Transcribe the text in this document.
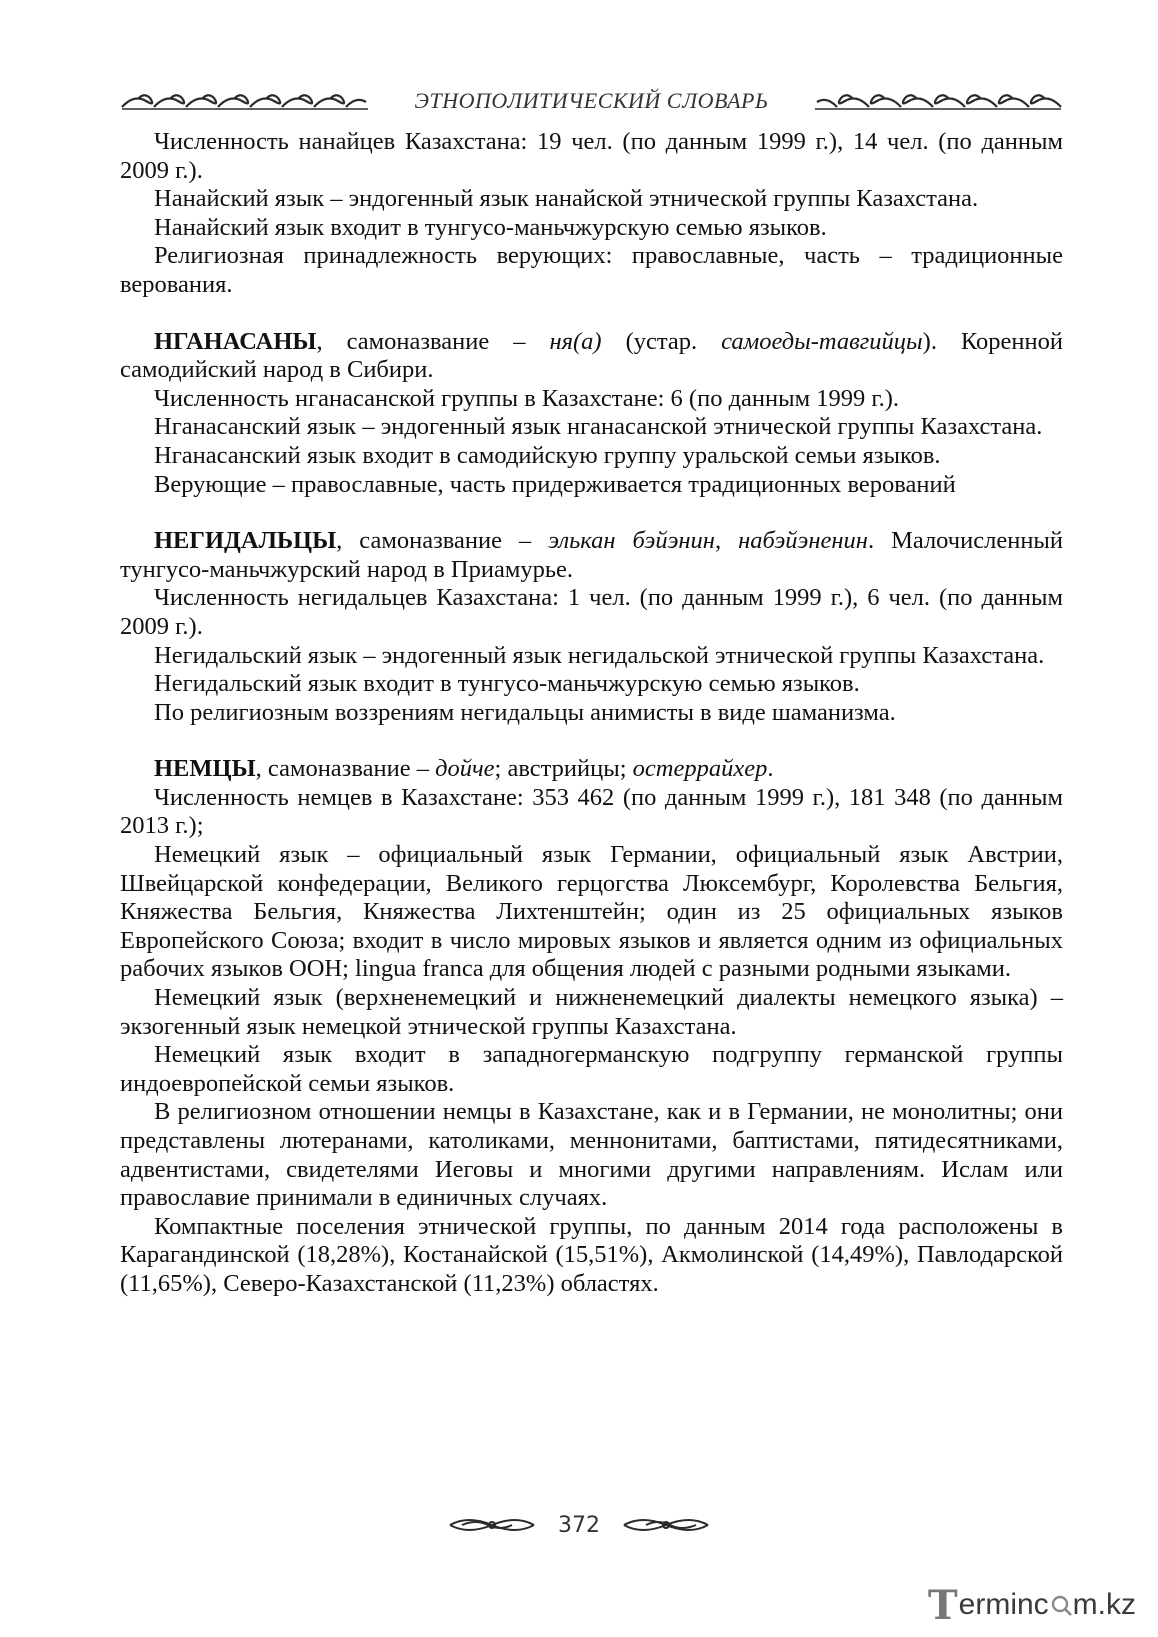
ЭТНОПОЛИТИЧЕСКИЙ СЛОВАРЬ

Численность нанайцев Казахстана: 19 чел. (по данным 1999 г.), 14 чел. (по данным 2009 г.).

Нанайский язык – эндогенный язык нанайской этнической группы Казахстана.

Нанайский язык входит в тунгусо-маньчжурскую семью языков.

Религиозная принадлежность верующих: православные, часть – традиционные верования.

НГАНАСАНЫ, самоназвание – ня(а) (устар. самоеды-тавгийцы). Коренной самодийский народ в Сибири.

Численность нганасанской группы в Казахстане: 6 (по данным 1999 г.).

Нганасанский язык – эндогенный язык нганасанской этнической группы Казахстана.

Нганасанский язык входит в самодийскую группу уральской семьи языков.

Верующие – православные, часть придерживается традиционных верований

НЕГИДАЛЬЦЫ, самоназвание – элькан бэйэнин, набэйэненин. Малочисленный тунгусо-маньчжурский народ в Приамурье.

Численность негидальцев Казахстана: 1 чел. (по данным 1999 г.), 6 чел. (по данным 2009 г.).

Негидальский язык – эндогенный язык негидальской этнической группы Казахстана.

Негидальский язык входит в тунгусо-маньчжурскую семью языков.

По религиозным воззрениям негидальцы анимисты в виде шаманизма.

НЕМЦЫ, самоназвание – дойче; австрийцы; остеррайхер.

Численность немцев в Казахстане: 353 462 (по данным 1999 г.), 181 348 (по данным 2013 г.);

Немецкий язык – официальный язык Германии, официальный язык Австрии, Швейцарской конфедерации, Великого герцогства Люксембург, Королевства Бельгия, Княжества Бельгия, Княжества Лихтенштейн; один из 25 официальных языков Европейского Союза; входит в число мировых языков и является одним из официальных рабочих языков ООН; lingua franca для общения людей с разными родными языками.

Немецкий язык (верхненемецкий и нижненемецкий диалекты немецкого языка) – экзогенный язык немецкой этнической группы Казахстана.

Немецкий язык входит в западногерманскую подгруппу германской группы индоевропейской семьи языков.

В религиозном отношении немцы в Казахстане, как и в Германии, не монолитны; они представлены лютеранами, католиками, меннонитами, баптистами, пятидесятниками, адвентистами, свидетелями Иеговы и многими другими направлениям. Ислам или православие принимали в единичных случаях.

Компактные поселения этнической группы, по данным 2014 года расположены в Карагандинской (18,28%), Костанайской (15,51%), Акмолинской (14,49%), Павлодарской (11,65%), Северо-Казахстанской (11,23%) областях.

372
T erminc m.kz
